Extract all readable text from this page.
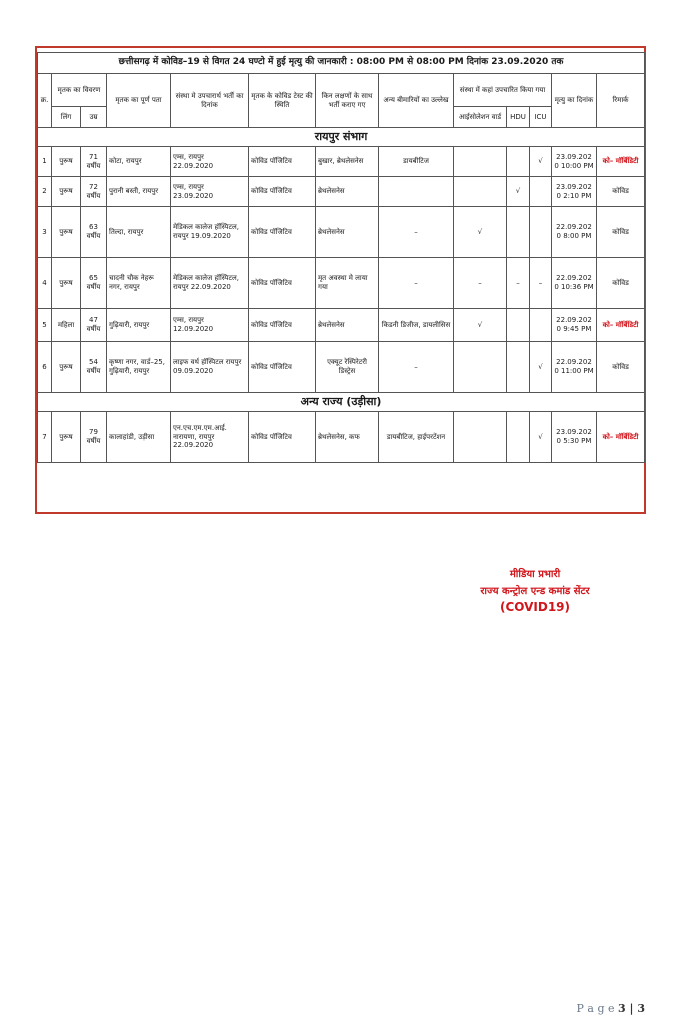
छत्तीसगढ़ में कोविड–19 से विगत 24 घण्टो में हुई मृत्यु की जानकारी : 08:00 PM से 08:00 PM दिनांक 23.09.2020 तक												
क्र.	मृतक का विवरण		मृतक का पूर्ण पता	संस्था मे उपचारार्थ भर्ती का दिनांक	मृतक के कोविड टेस्ट की स्थिति	किन लक्षणों के साथ भर्ती कराए गए	अन्य बीमारियों का उल्लेख	संस्था में कहां उपचारित किया गया			मृत्यु का दिनांक	रिमार्क
	लिंग	उम्र						आईसोलेशन वार्ड	HDU	ICU		
रायपुर संभाग												
1	पुरूष	71 वर्षीय	कोटा, रायपुर	एम्स, रायपुर 22.09.2020	कोविड पॉजिटिव	बुखार, ब्रेथलेसनेस	डायबीटिज			√	23.09.2020 10:00 PM	को– मॉर्बिडिटी
2	पुरूष	72 वर्षीय	पुरानी बस्ती, रायपुर	एम्स, रायपुर 23.09.2020	कोविड पॉजिटिव	ब्रेथलेसनेस			√		23.09.2020 2:10 PM	कोविड
3	पुरूष	63 वर्षीय	तिल्दा, रायपुर	मेडिकल कालेज हॉस्पिटल, रायपुर 19.09.2020	कोविड पॉजिटिव	ब्रेथलेसनेस	–	√			22.09.2020 8:00 PM	कोविड
4	पुरूष	65 वर्षीय	चादनी चौक नेहरू नगर, रायपुर	मेडिकल कालेज हॉस्पिटल, रायपुर 22.09.2020	कोविड पॉजिटिव	मृत अवस्था मे लाया गया	–	–	–	–	22.09.2020 10:36 PM	कोविड
5	महिला	47 वर्षीय	गुढ़ियारी, रायपुर	एम्स, रायपुर 12.09.2020	कोविड पॉजिटिव	ब्रेथलेसनेस	किडनी डिजीज, डायलीसिस	√			22.09.2020 9:45 PM	को– मॉर्बिडिटी
6	पुरूष	54 वर्षीय	कृष्णा नगर, वार्ड–25, गुढ़ियारी, रायपुर	लाइफ वर्थ हॉस्पिटल रायपुर 09.09.2020	कोविड पॉजिटिव	एक्यूट रेस्पिरेटरी डिस्ट्रेस	–			√	22.09.2020 11:00 PM	कोविड
अन्य राज्य (उड़ीसा)												
7	पुरूष	79 वर्षीय	कालाहांडी, उड़ीसा	एन.एच.एम.एम.आई. नारायणा, रायपुर 22.09.2020	कोविड पॉजिटिव	ब्रेथलेसनेस, कफ	डायबीटिज, हाईपरटेंशन			√	23.09.2020 5:30 PM	को– मॉर्बिडिटी
मीडिया प्रभारी
राज्य कन्ट्रोल एन्ड कमांड सेंटर
(COVID19)
P a g e 3 | 3
